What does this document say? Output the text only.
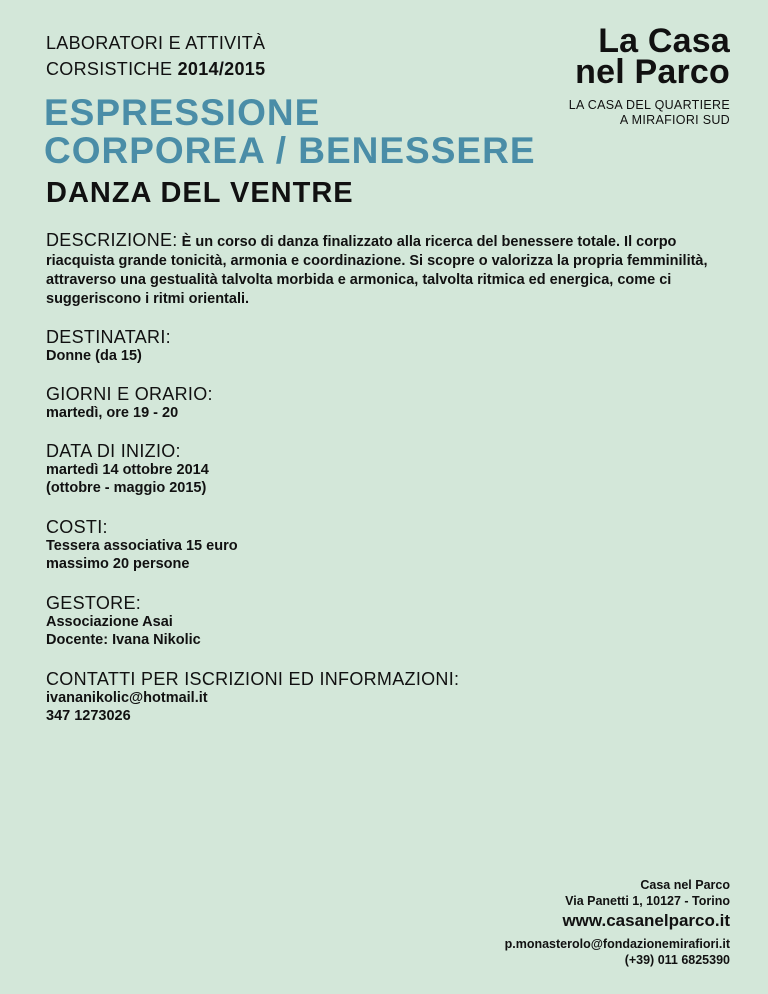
LABORATORI E ATTIVITÀ
CORSISTICHE 2014/2015
La Casa
nel Parco
LA CASA DEL QUARTIERE
A MIRAFIORI SUD
ESPRESSIONE
CORPOREA / BENESSERE
DANZA DEL VENTRE
DESCRIZIONE: È un corso di danza finalizzato alla ricerca del benessere totale. Il corpo riacquista grande tonicità, armonia e coordinazione. Si scopre o valorizza la propria femminilità, attraverso una gestualità talvolta morbida e armonica, talvolta ritmica ed energica, come ci suggeriscono i ritmi orientali.
DESTINATARI:
Donne (da 15)
GIORNI E ORARIO:
martedì, ore 19 - 20
DATA DI INIZIO:
martedì 14 ottobre 2014
(ottobre - maggio 2015)
COSTI:
Tessera associativa 15 euro
massimo 20 persone
GESTORE:
Associazione Asai
Docente: Ivana Nikolic
CONTATTI PER ISCRIZIONI ED INFORMAZIONI:
ivananikolic@hotmail.it
347 1273026
Casa nel Parco
Via Panetti 1, 10127 - Torino
www.casanelparco.it
p.monasterolo@fondazionemirafiori.it
(+39) 011 6825390
